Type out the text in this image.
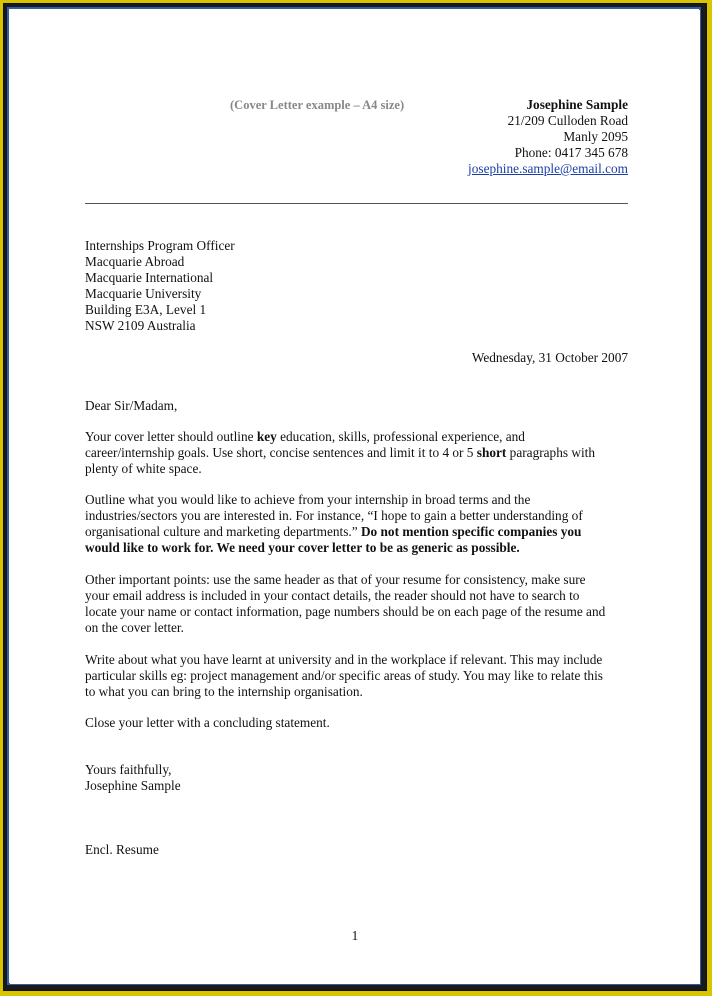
(Cover Letter example – A4 size)	Josephine Sample
21/209 Culloden Road
Manly 2095
Phone: 0417 345 678
josephine.sample@email.com
Internships Program Officer
Macquarie Abroad
Macquarie International
Macquarie University
Building E3A, Level 1
NSW 2109 Australia
Wednesday, 31 October 2007
Dear Sir/Madam,
Your cover letter should outline key education, skills, professional experience, and
career/internship goals. Use short, concise sentences and limit it to 4 or 5 short paragraphs with
plenty of white space.
Outline what you would like to achieve from your internship in broad terms and the
industries/sectors you are interested in. For instance, “I hope to gain a better understanding of
organisational culture and marketing departments.” Do not mention specific companies you
would like to work for. We need your cover letter to be as generic as possible.
Other important points: use the same header as that of your resume for consistency, make sure
your email address is included in your contact details, the reader should not have to search to
locate your name or contact information, page numbers should be on each page of the resume and
on the cover letter.
Write about what you have learnt at university and in the workplace if relevant. This may include
particular skills eg: project management and/or specific areas of study. You may like to relate this
to what you can bring to the internship organisation.
Close your letter with a concluding statement.
Yours faithfully,
Josephine Sample
Encl. Resume
1
